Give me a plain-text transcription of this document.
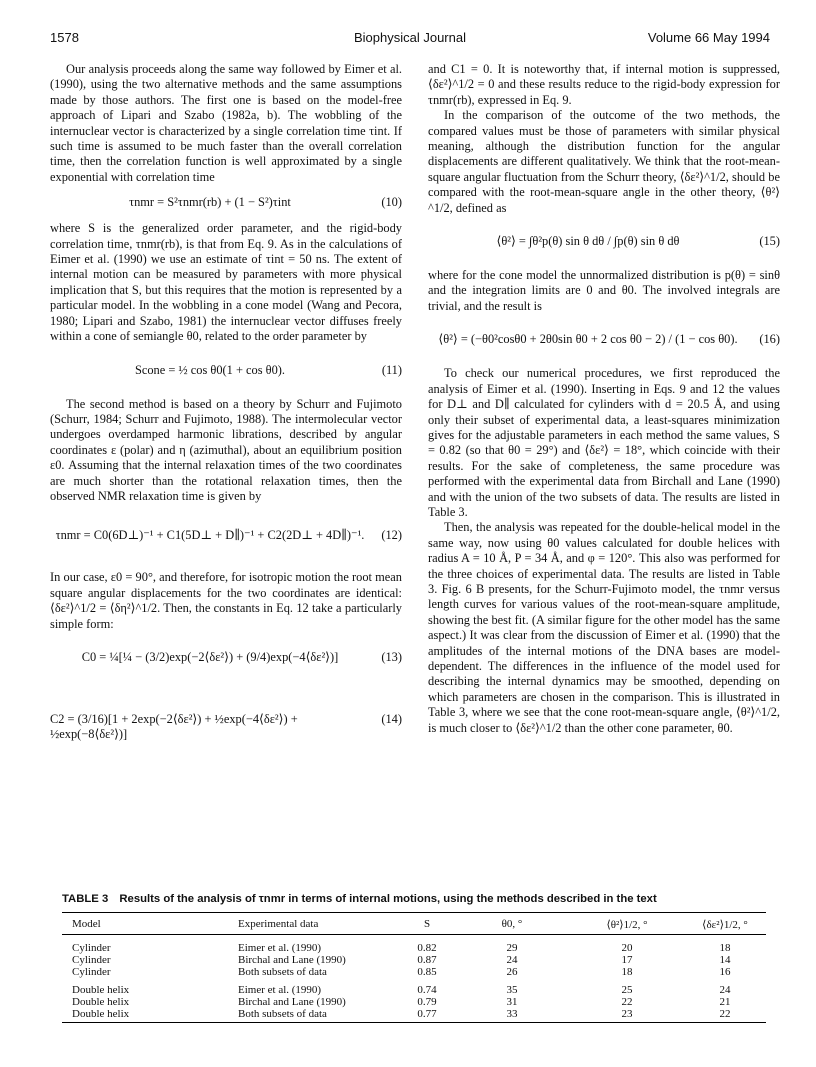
1578	Biophysical Journal	Volume 66 May 1994

Our analysis proceeds along the same way followed by Eimer et al. (1990), using the two alternative methods and the same assumptions made by those authors. The first one is based on the model-free approach of Lipari and Szabo (1982a, b). The wobbling of the internuclear vector is characterized by a single correlation time τint. If such time is assumed to be much faster than the overall correlation time, then the correlation function is well approximated by a single exponential with correlation time

τnmr = S²τnmr(rb) + (1 − S²)τint	(10)

where S is the generalized order parameter, and the rigid-body correlation time, τnmr(rb), is that from Eq. 9. As in the calculations of Eimer et al. (1990) we use an estimate of τint = 50 ns. The extent of internal motion can be measured by parameters with more physical implication that S, but this requires that the motion is represented by a particular model. In the wobbling in a cone model (Wang and Pecora, 1980; Lipari and Szabo, 1981) the internuclear vector diffuses freely within a cone of semiangle θ0, related to the order parameter by

Scone = ½ cos θ0(1 + cos θ0).	(11)

The second method is based on a theory by Schurr and Fujimoto (Schurr, 1984; Schurr and Fujimoto, 1988). The intermolecular vector undergoes overdamped harmonic librations, described by angular coordinates ε (polar) and η (azimuthal), about an equilibrium position ε0. Assuming that the internal relaxation times of the two coordinates are much shorter than the rotational relaxation times, then the observed NMR relaxation time is given by

τnmr = C0(6D⊥)⁻¹ + C1(5D⊥ + D∥)⁻¹ + C2(2D⊥ + 4D∥)⁻¹.	(12)

In our case, ε0 = 90°, and therefore, for isotropic motion the root mean square angular displacements for the two coordinates are identical: ⟨δε²⟩^1/2 = ⟨δη²⟩^1/2. Then, the constants in Eq. 12 take a particularly simple form:

C0 = ¼[¼ − (3/2)exp(−2⟨δε²⟩) + (9/4)exp(−4⟨δε²⟩)]	(13)
C2 = (3/16)[1 + 2exp(−2⟨δε²⟩) + ½exp(−4⟨δε²⟩) + ½exp(−8⟨δε²⟩)]
(14)

and C1 = 0. It is noteworthy that, if internal motion is suppressed, ⟨δε²⟩^1/2 = 0 and these results reduce to the rigid-body expression for τnmr(rb), expressed in Eq. 9.

In the comparison of the outcome of the two methods, the compared values must be those of parameters with similar physical meaning, although the distribution function for the angular displacements are different qualitatively. We think that the root-mean-square angular fluctuation from the Schurr theory, ⟨δε²⟩^1/2, should be compared with the root-mean-square angle in the other theory, ⟨θ²⟩^1/2, defined as

⟨θ²⟩ = ∫θ²p(θ) sin θ dθ / ∫p(θ) sin θ dθ	(15)

where for the cone model the unnormalized distribution is p(θ) = sinθ and the integration limits are 0 and θ0. The involved integrals are trivial, and the result is

⟨θ²⟩ = (−θ0²cosθ0 + 2θ0sin θ0 + 2 cos θ0 − 2) / (1 − cos θ0).	(16)

To check our numerical procedures, we first reproduced the analysis of Eimer et al. (1990). Inserting in Eqs. 9 and 12 the values for D⊥ and D∥ calculated for cylinders with d = 20.5 Å, and using only their subset of experimental data, a least-squares minimization gives for the adjustable parameters in each method the same values, S = 0.82 (so that θ0 = 29°) and ⟨δε²⟩ = 18°, which coincide with their results. For the sake of completeness, the same procedure was performed with the experimental data from Birchall and Lane (1990) and with the union of the two subsets of data. The results are listed in Table 3.

Then, the analysis was repeated for the double-helical model in the same way, now using θ0 values calculated for double helices with radius A = 10 Å, P = 34 Å, and φ = 120°. This also was performed for the three choices of experimental data. The results are listed in Table 3. Fig. 6 B presents, for the Schurr-Fujimoto model, the τnmr versus length curves for various values of the root-mean-square amplitude, showing the best fit. (A similar figure for the other model has the same aspect.) It was clear from the discussion of Eimer et al. (1990) that the amplitudes of the internal motions of the DNA bases are model-dependent. The differences in the influence of the model used for describing the internal dynamics may be smoothed, depending on which parameters are chosen in the comparison. This is illustrated in Table 3, where we see that the cone root-mean-square angle, ⟨θ²⟩^1/2, is much closer to ⟨δε²⟩^1/2 than the other cone parameter, θ0.

TABLE 3 Results of the analysis of τnmr in terms of internal motions, using the methods described in the text
Model	Experimental data	S	θ0, °	⟨θ²⟩1/2, °	⟨δε²⟩1/2, °
Cylinder	Eimer et al. (1990)	0.82	29	20	18
Cylinder	Birchal and Lane (1990)	0.87	24	17	14
Cylinder	Both subsets of data	0.85	26	18	16
Double helix	Eimer et al. (1990)	0.74	35	25	24
Double helix	Birchal and Lane (1990)	0.79	31	22	21
Double helix	Both subsets of data	0.77	33	23	22
